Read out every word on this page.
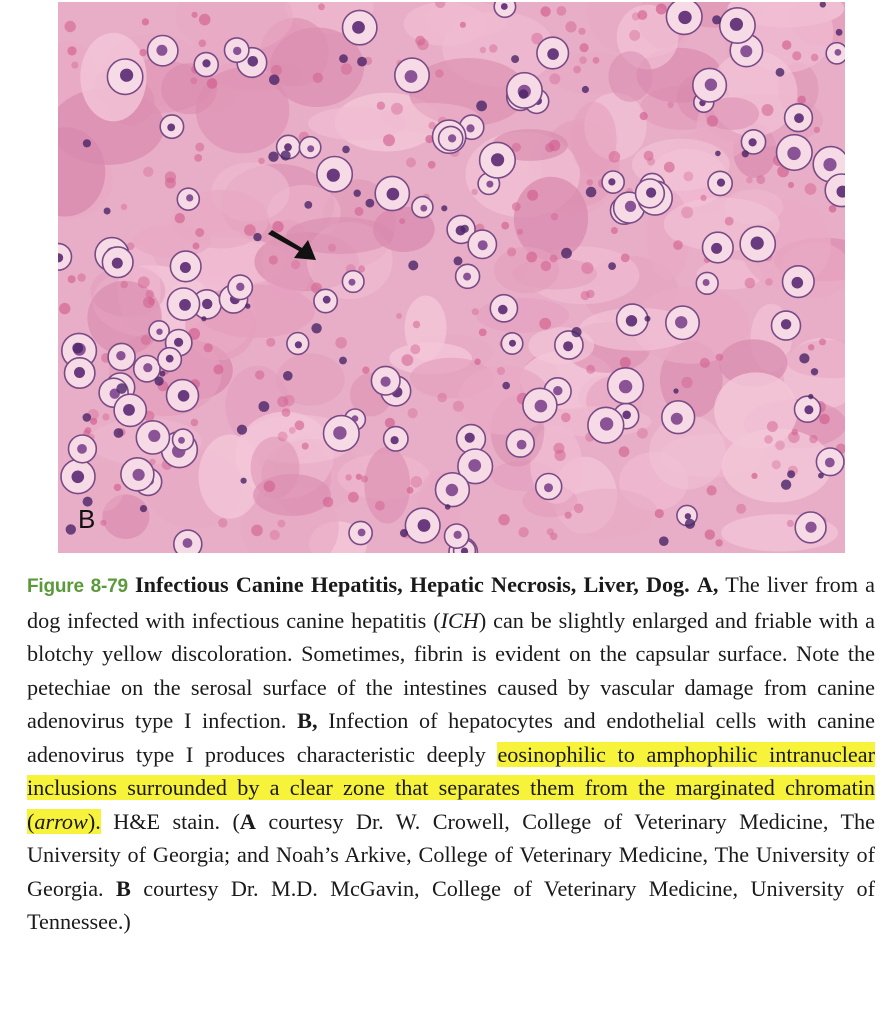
B

Figure 8-79 Infectious Canine Hepatitis, Hepatic Necrosis, Liver, Dog. A, The liver from a dog infected with infectious canine hepatitis (ICH) can be slightly enlarged and friable with a blotchy yellow discoloration. Sometimes, fibrin is evident on the capsular surface. Note the petechiae on the serosal surface of the intestines caused by vascular damage from canine adenovirus type I infection. B, Infection of hepatocytes and endothelial cells with canine adenovirus type I produces characteristic deeply eosinophilic to amphophilic intranuclear inclusions surrounded by a clear zone that separates them from the marginated chromatin (arrow). H&E stain. (A courtesy Dr. W. Crowell, College of Veterinary Medicine, The University of Georgia; and Noah’s Arkive, College of Veterinary Medicine, The University of Georgia. B courtesy Dr. M.D. McGavin, College of Veterinary Medicine, University of Tennessee.)
